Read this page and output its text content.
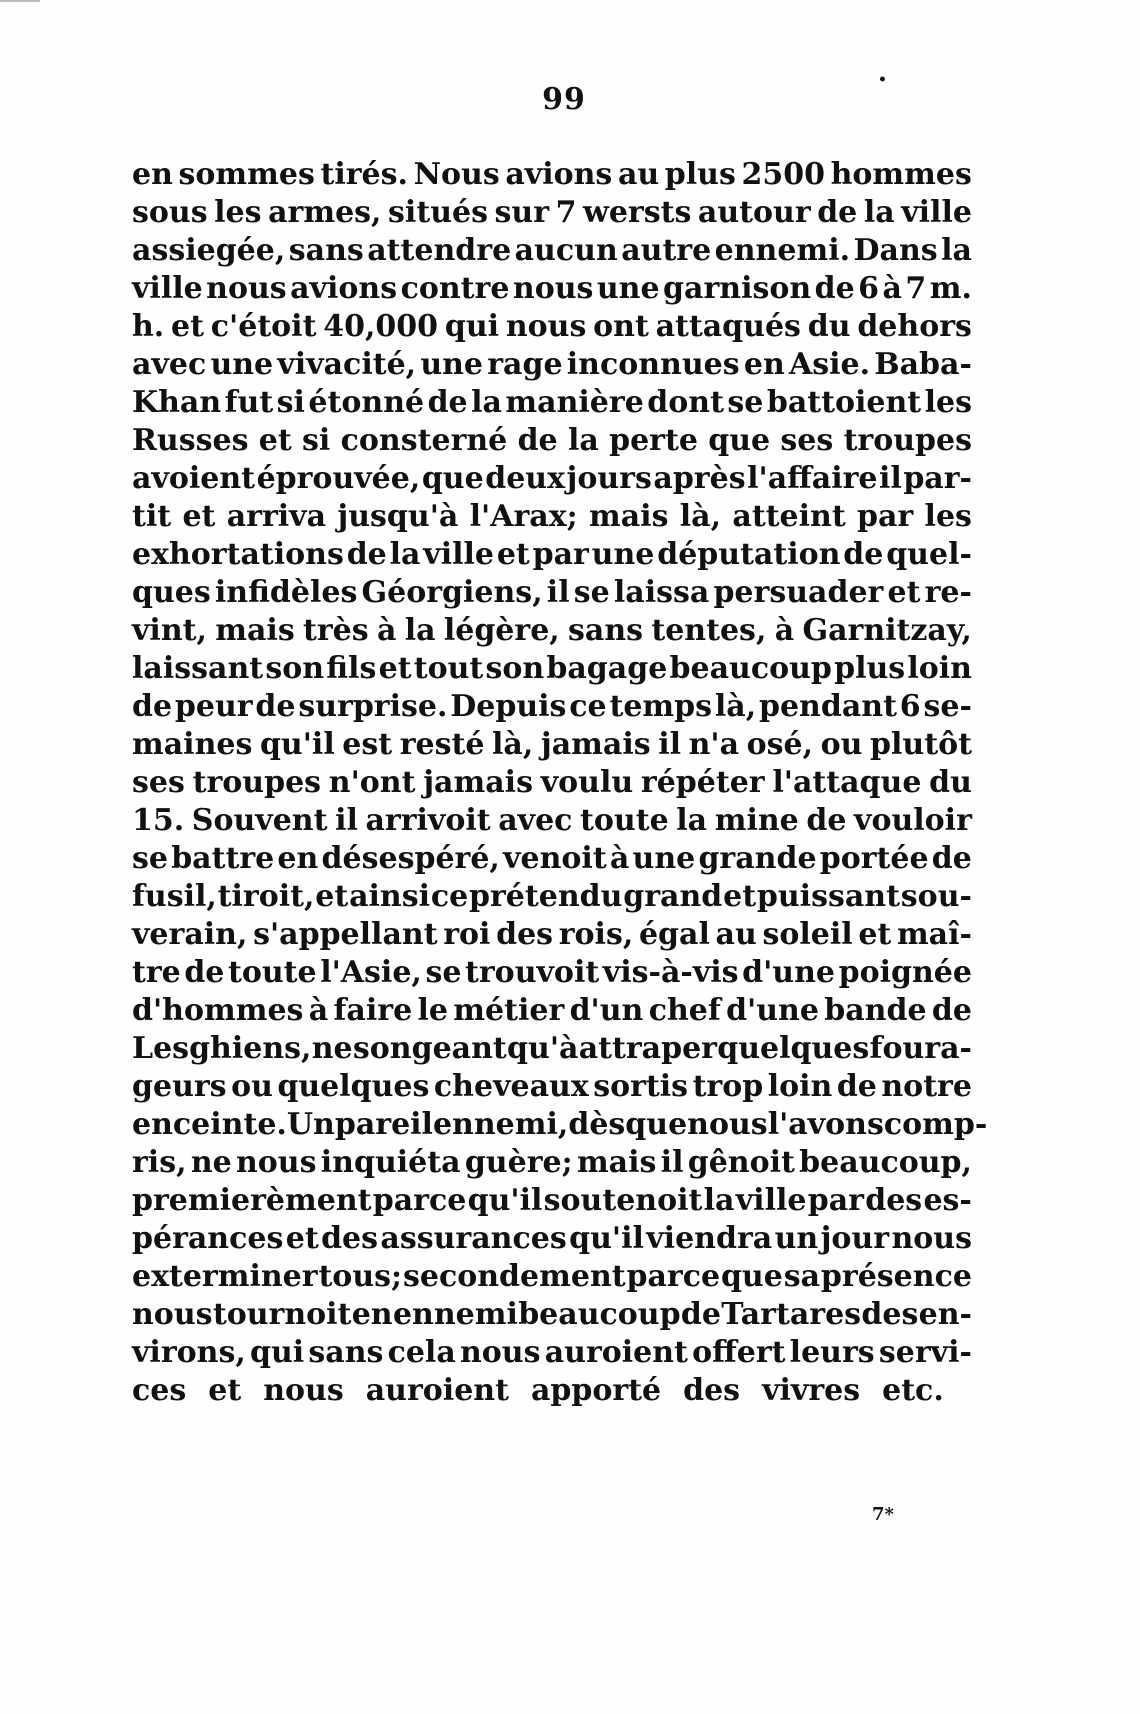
99
•
en sommes tirés. Nous avions au plus 2500 hommes
sous les armes, situés sur 7 wersts autour de la ville
assiegée, sans attendre aucun autre ennemi. Dans la
ville nous avions contre nous une garnison de 6 à 7 m.
h. et c'étoit 40,000 qui nous ont attaqués du dehors
avec une vivacité, une rage inconnues en Asie. Baba-
Khan fut si étonné de la manière dont se battoient les
Russes et si consterné de la perte que ses troupes
avoient éprouvée, que deux jours après l'affaire il par-
tit et arriva jusqu'à l'Arax; mais là, atteint par les
exhortations de la ville et par une députation de quel-
ques infidèles Géorgiens, il se laissa persuader et re-
vint, mais très à la légère, sans tentes, à Garnitzay,
laissant son fils et tout son bagage beaucoup plus loin
de peur de surprise. Depuis ce temps là, pendant 6 se-
maines qu'il est resté là, jamais il n'a osé, ou plutôt
ses troupes n'ont jamais voulu répéter l'attaque du
15. Souvent il arrivoit avec toute la mine de vouloir
se battre en désespéré, venoit à une grande portée de
fusil, tiroit, et ainsi ce prétendu grand et puissant sou-
verain, s'appellant roi des rois, égal au soleil et maî-
tre de toute l'Asie, se trouvoit vis-à-vis d'une poignée
d'hommes à faire le métier d'un chef d'une bande de
Lesghiens, ne songeant qu'à attraper quelques foura-
geurs ou quelques cheveaux sortis trop loin de notre
enceinte. Un pareil ennemi, dès que nous l'avons comp-
ris, ne nous inquiéta guère; mais il gênoit beaucoup,
premierèment parce qu'il soutenoit la ville par des es-
pérances et des assurances qu'il viendra un jour nous
exterminer tous; secondement parce que sa présence
nous tournoit en ennemi beaucoup de Tartares des en-
virons, qui sans cela nous auroient offert leurs servi-
ces et nous auroient apporté des vivres etc.
7*
